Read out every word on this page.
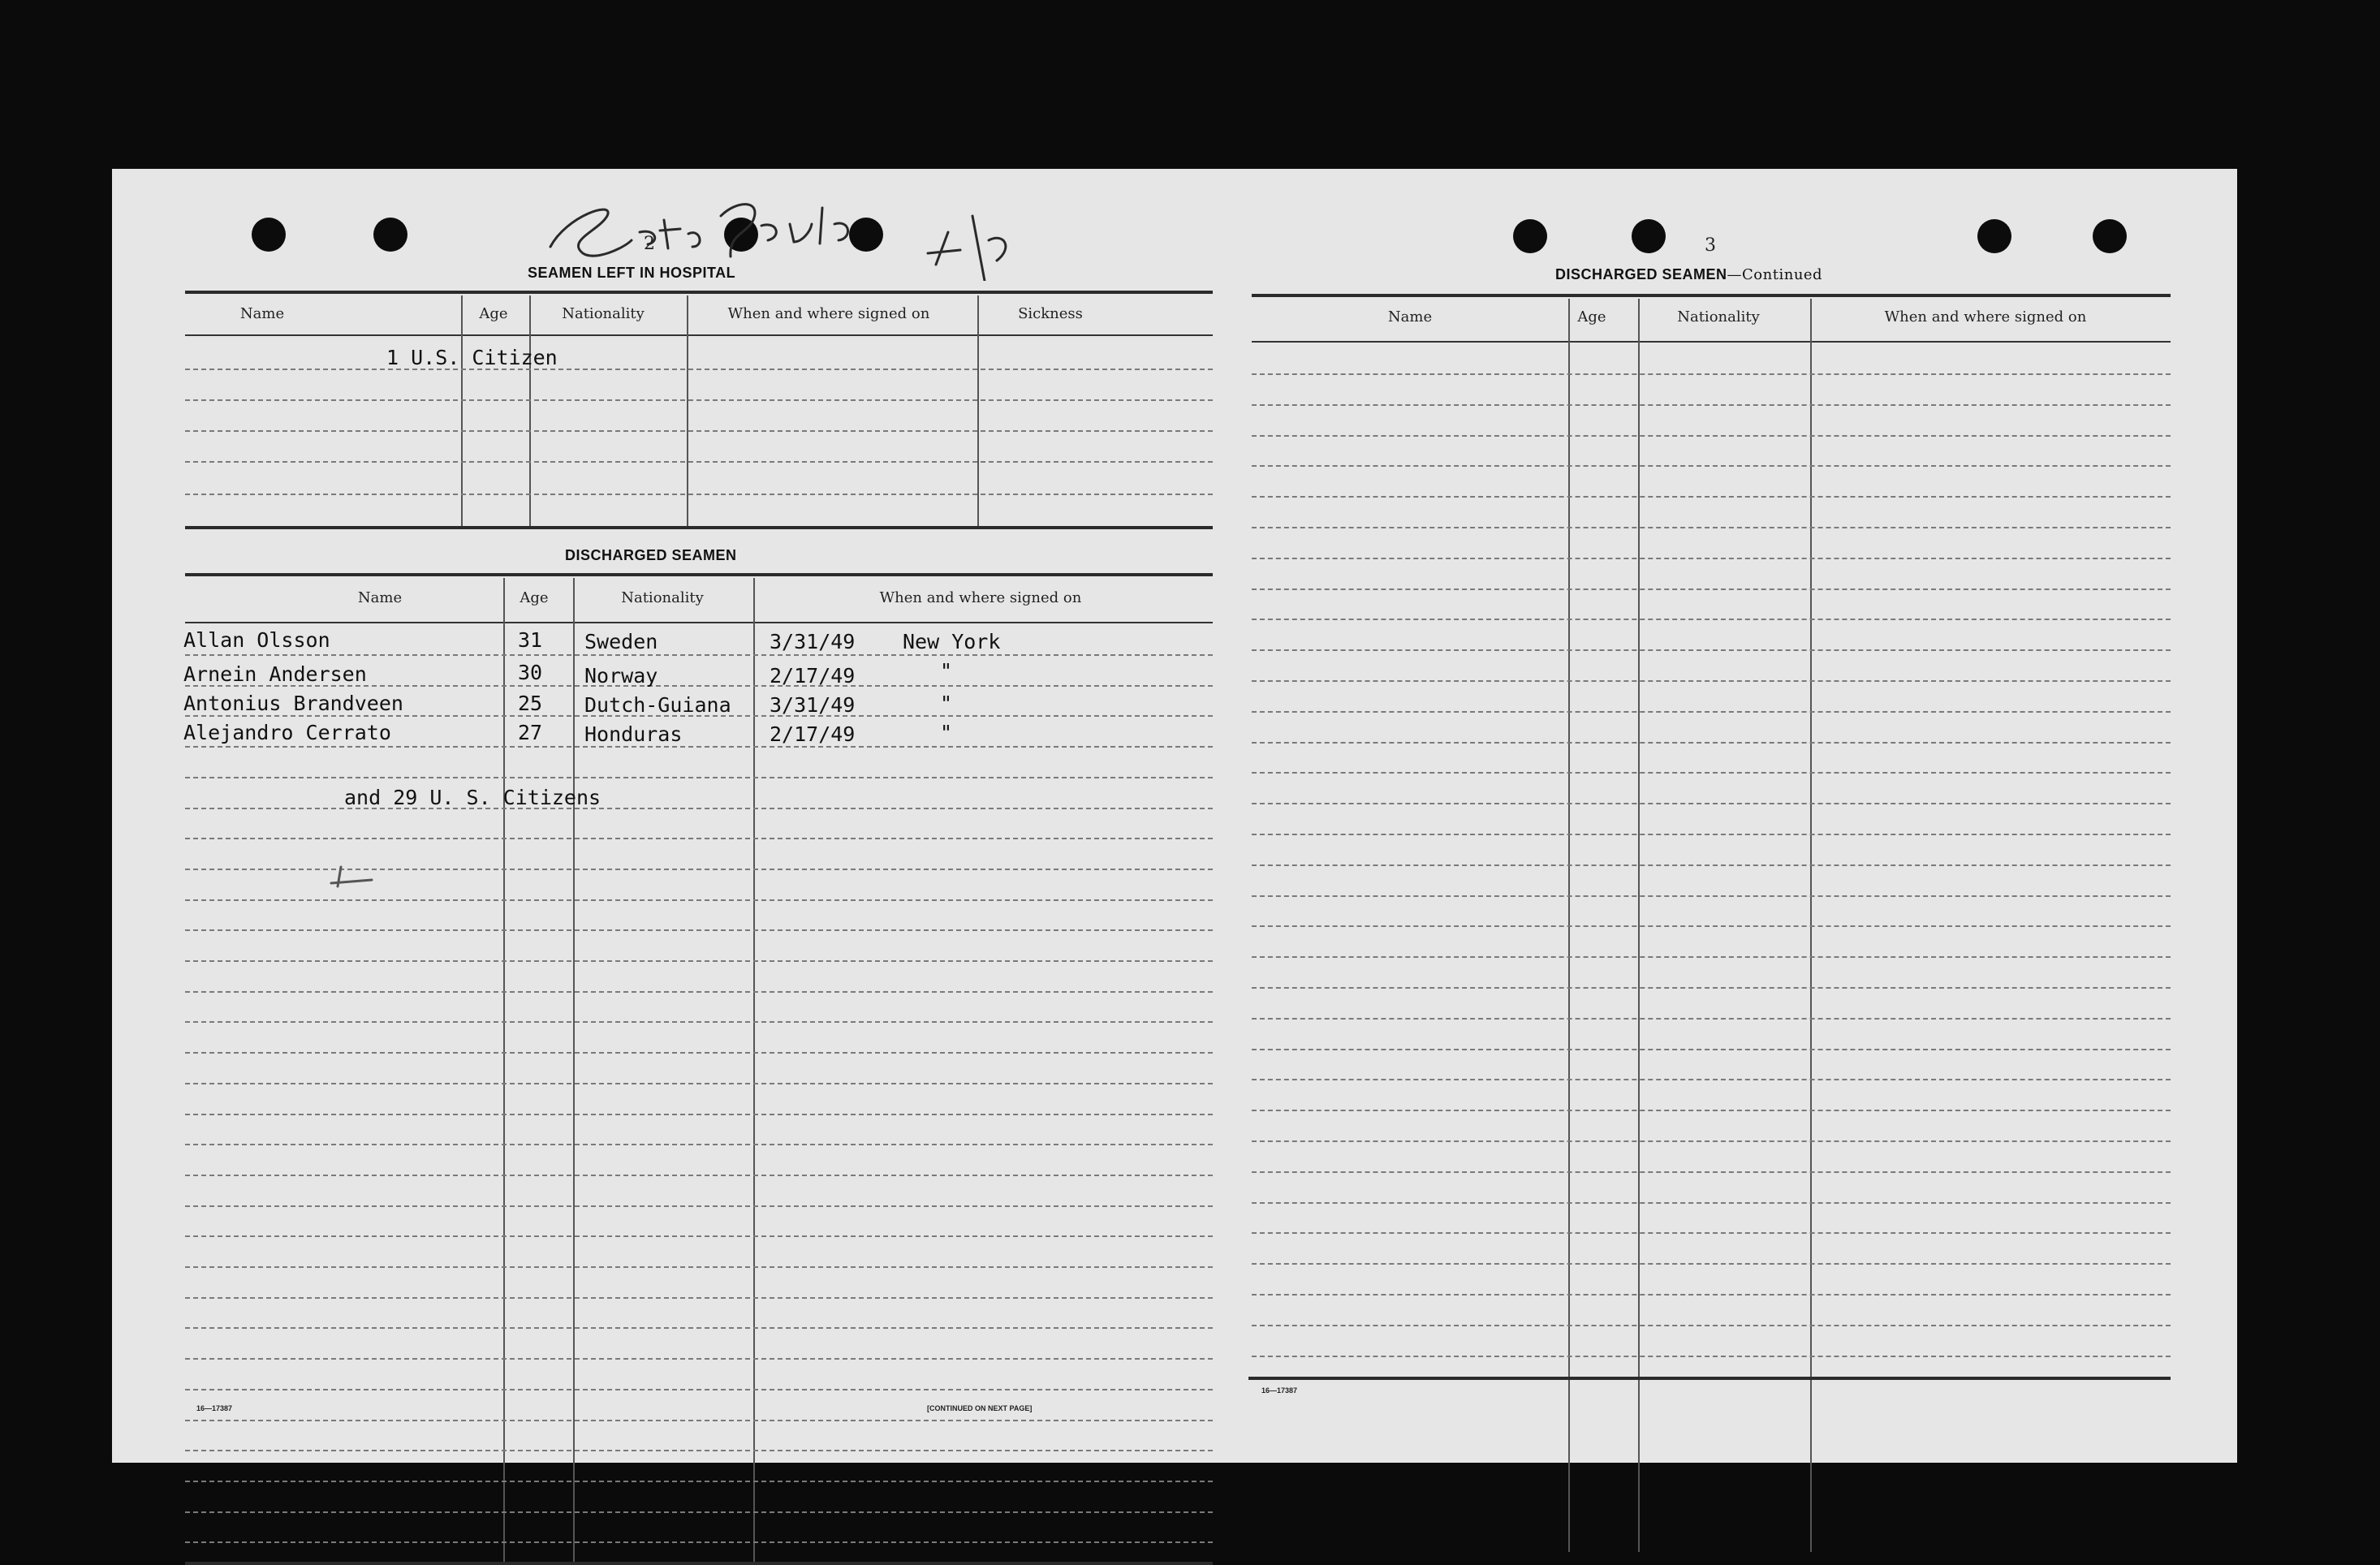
2
SEAMEN LEFT IN HOSPITAL
Name	Age	Nationality	When and where signed on	Sickness
1 U.S. Citizen
DISCHARGED SEAMEN
Name	Age	Nationality	When and where signed on
Allan Olsson	31 Sweden	3/31/49 New York
Arnein Andersen	30 Norway	2/17/49	"
Antonius Brandveen	25 Dutch-Guiana 3/31/49	"
Alejandro Cerrato	27 Honduras	2/17/49	"
and 29 U. S. Citizens
16—17387	[CONTINUED ON NEXT PAGE]
3
DISCHARGED SEAMEN—Continued
Name	Age	Nationality	When and where signed on
16—17387
